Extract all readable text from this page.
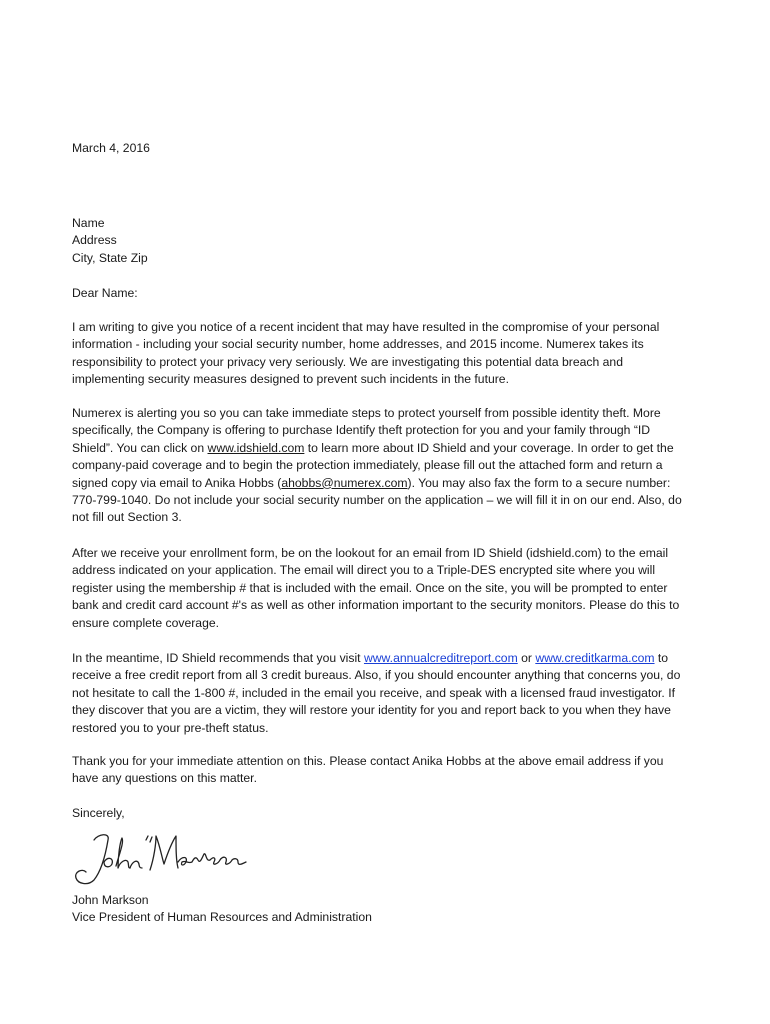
March 4, 2016
Name
Address
City, State Zip
Dear Name:

I am writing to give you notice of a recent incident that may have resulted in the compromise of your personal information - including your social security number, home addresses, and 2015 income. Numerex takes its responsibility to protect your privacy very seriously. We are investigating this potential data breach and implementing security measures designed to prevent such incidents in the future.

Numerex is alerting you so you can take immediate steps to protect yourself from possible identity theft. More specifically, the Company is offering to purchase Identify theft protection for you and your family through “ID Shield”. You can click on www.idshield.com to learn more about ID Shield and your coverage. In order to get the company-paid coverage and to begin the protection immediately, please fill out the attached form and return a signed copy via email to Anika Hobbs (ahobbs@numerex.com). You may also fax the form to a secure number: 770-799-1040. Do not include your social security number on the application – we will fill it in on our end. Also, do not fill out Section 3.

After we receive your enrollment form, be on the lookout for an email from ID Shield (idshield.com) to the email address indicated on your application. The email will direct you to a Triple-DES encrypted site where you will register using the membership # that is included with the email. Once on the site, you will be prompted to enter bank and credit card account #'s as well as other information important to the security monitors. Please do this to ensure complete coverage.

In the meantime, ID Shield recommends that you visit www.annualcreditreport.com or www.creditkarma.com to receive a free credit report from all 3 credit bureaus. Also, if you should encounter anything that concerns you, do not hesitate to call the 1-800 #, included in the email you receive, and speak with a licensed fraud investigator. If they discover that you are a victim, they will restore your identity for you and report back to you when they have restored you to your pre-theft status.

Thank you for your immediate attention on this. Please contact Anika Hobbs at the above email address if you have any questions on this matter.

Sincerely,
John Markson
Vice President of Human Resources and Administration
